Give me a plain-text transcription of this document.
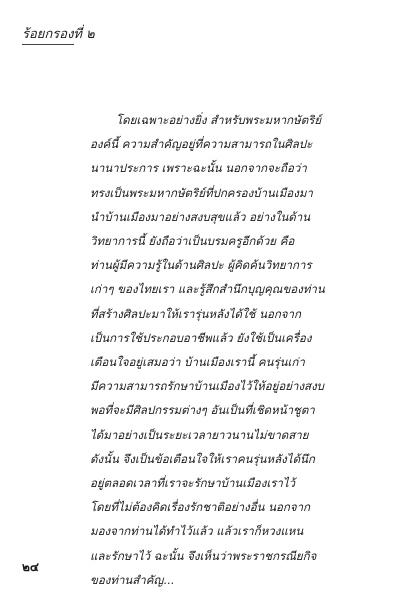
ร้อยกรองที่ ๒
โดยเฉพาะอย่างยิ่ง สำหรับพระมหากษัตริย์
องค์นี้ ความสำคัญอยู่ที่ความสามารถในศิลปะ
นานาประการ เพราะฉะนั้น นอกจากจะถือว่า
ทรงเป็นพระมหากษัตริย์ที่ปกครองบ้านเมืองมา
นำบ้านเมืองมาอย่างสงบสุขแล้ว อย่างในด้าน
วิทยาการนี้ ยังถือว่าเป็นบรมครูอีกด้วย คือ
ท่านผู้มีความรู้ในด้านศิลปะ ผู้คิดค้นวิทยาการ
เก่าๆ ของไทยเรา และรู้สึกสำนึกบุญคุณของท่าน
ที่สร้างศิลปะมาให้เรารุ่นหลังได้ใช้ นอกจาก
เป็นการใช้ประกอบอาชีพแล้ว ยังใช้เป็นเครื่อง
เตือนใจอยู่เสมอว่า บ้านเมืองเรานี้ คนรุ่นเก่า
มีความสามารถรักษาบ้านเมืองไว้ให้อยู่อย่างสงบ
พอที่จะมีศิลปกรรมต่างๆ อันเป็นที่เชิดหน้าชูตา
ได้มาอย่างเป็นระยะเวลายาวนานไม่ขาดสาย
ดังนั้น จึงเป็นข้อเตือนใจให้เราคนรุ่นหลังได้นึก
อยู่ตลอดเวลาที่เราจะรักษาบ้านเมืองเราไว้
โดยที่ไม่ต้องคิดเรื่องรักชาติอย่างอื่น นอกจาก
มองจากท่านได้ทำไว้แล้ว แล้วเราก็หวงแหน
และรักษาไว้ ฉะนั้น จึงเห็นว่าพระราชกรณียกิจ
ของท่านสำคัญ...
๒๔
